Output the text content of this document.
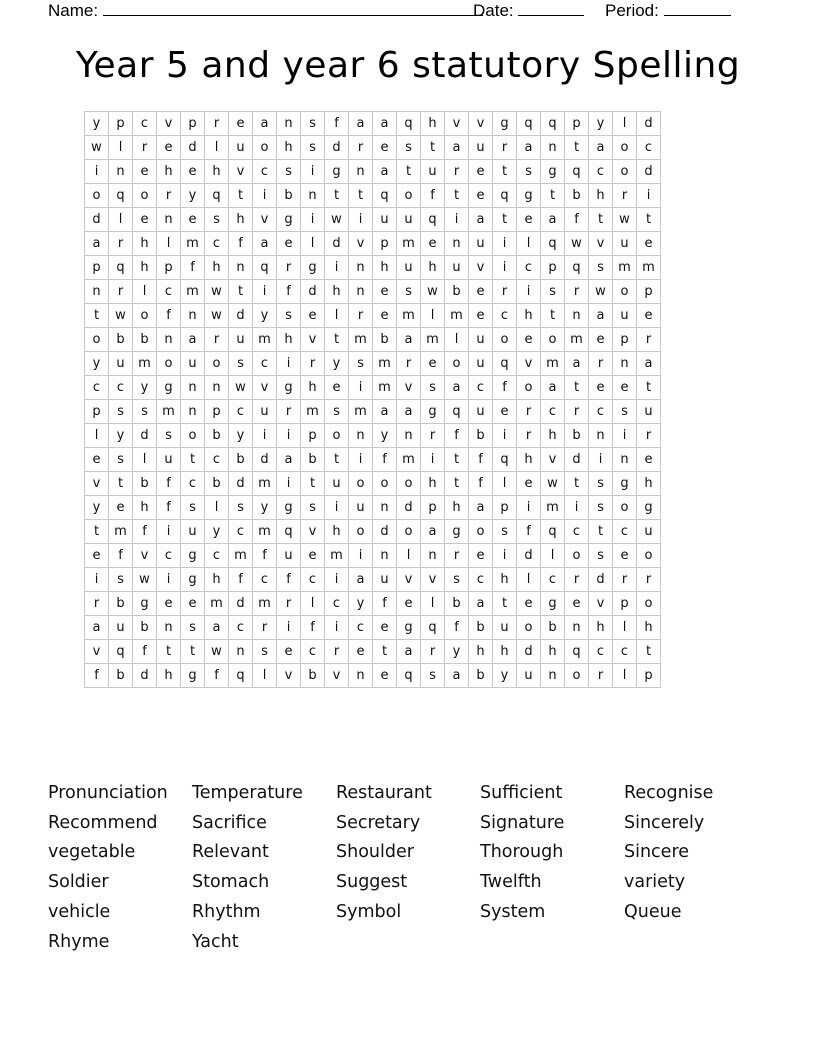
Name:	Date:	Period:
Year 5 and year 6 statutory Spelling
y	p	c	v	p	r	e	a	n	s	f	a	a	q	h	v	v	g	q	q	p	y	l	d
w	l	r	e	d	l	u	o	h	s	d	r	e	s	t	a	u	r	a	n	t	a	o	c
i	n	e	h	e	h	v	c	s	i	g	n	a	t	u	r	e	t	s	g	q	c	o	d
o	q	o	r	y	q	t	i	b	n	t	t	q	o	f	t	e	q	g	t	b	h	r	i
d	l	e	n	e	s	h	v	g	i	w	i	u	u	q	i	a	t	e	a	f	t	w	t
a	r	h	l	m	c	f	a	e	l	d	v	p	m	e	n	u	i	l	q	w	v	u	e
p	q	h	p	f	h	n	q	r	g	i	n	h	u	h	u	v	i	c	p	q	s	m	m
n	r	l	c	m	w	t	i	f	d	h	n	e	s	w	b	e	r	i	s	r	w	o	p
t	w	o	f	n	w	d	y	s	e	l	r	e	m	l	m	e	c	h	t	n	a	u	e
o	b	b	n	a	r	u	m	h	v	t	m	b	a	m	l	u	o	e	o	m	e	p	r
y	u	m	o	u	o	s	c	i	r	y	s	m	r	e	o	u	q	v	m	a	r	n	a
c	c	y	g	n	n	w	v	g	h	e	i	m	v	s	a	c	f	o	a	t	e	e	t
p	s	s	m	n	p	c	u	r	m	s	m	a	a	g	q	u	e	r	c	r	c	s	u
l	y	d	s	o	b	y	i	i	p	o	n	y	n	r	f	b	i	r	h	b	n	i	r
e	s	l	u	t	c	b	d	a	b	t	i	f	m	i	t	f	q	h	v	d	i	n	e
v	t	b	f	c	b	d	m	i	t	u	o	o	o	h	t	f	l	e	w	t	s	g	h
y	e	h	f	s	l	s	y	g	s	i	u	n	d	p	h	a	p	i	m	i	s	o	g
t	m	f	i	u	y	c	m	q	v	h	o	d	o	a	g	o	s	f	q	c	t	c	u
e	f	v	c	g	c	m	f	u	e	m	i	n	l	n	r	e	i	d	l	o	s	e	o
i	s	w	i	g	h	f	c	f	c	i	a	u	v	v	s	c	h	l	c	r	d	r	r
r	b	g	e	e	m	d	m	r	l	c	y	f	e	l	b	a	t	e	g	e	v	p	o
a	u	b	n	s	a	c	r	i	f	i	c	e	g	q	f	b	u	o	b	n	h	l	h
v	q	f	t	t	w	n	s	e	c	r	e	t	a	r	y	h	h	d	h	q	c	c	t
f	b	d	h	g	f	q	l	v	b	v	n	e	q	s	a	b	y	u	n	o	r	l	p
Pronunciation Temperature Restaurant	Sufficient	Recognise
Recommend Sacrifice	Secretary	Signature	Sincerely
vegetable	Relevant	Shoulder	Thorough	Sincere
Soldier	Stomach	Suggest	Twelfth	variety
vehicle	Rhythm	Symbol	System	Queue
Rhyme	Yacht
